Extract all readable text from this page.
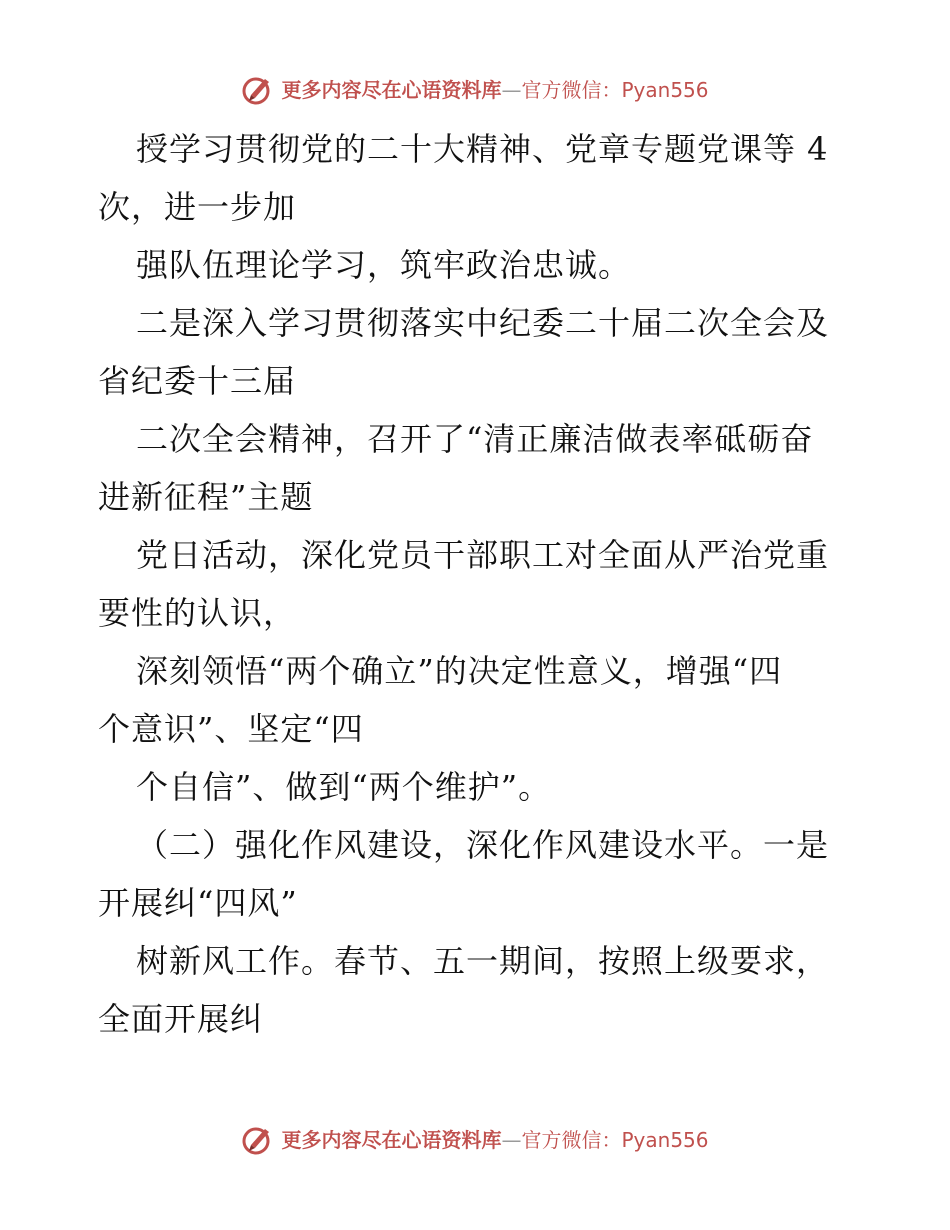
更多内容尽在心语资料库—官方微信：Pyan556
授学习贯彻党的二十大精神、党章专题党课等 4
次，进一步加
强队伍理论学习，筑牢政治忠诚。
二是深入学习贯彻落实中纪委二十届二次全会及
省纪委十三届
二次全会精神，召开了“清正廉洁做表率砥砺奋
进新征程”主题
党日活动，深化党员干部职工对全面从严治党重
要性的认识，
深刻领悟“两个确立”的决定性意义，增强“四
个意识”、坚定“四
个自信”、做到“两个维护”。
（二）强化作风建设，深化作风建设水平。一是
开展纠“四风”
树新风工作。春节、五一期间，按照上级要求，
全面开展纠
更多内容尽在心语资料库—官方微信：Pyan556
